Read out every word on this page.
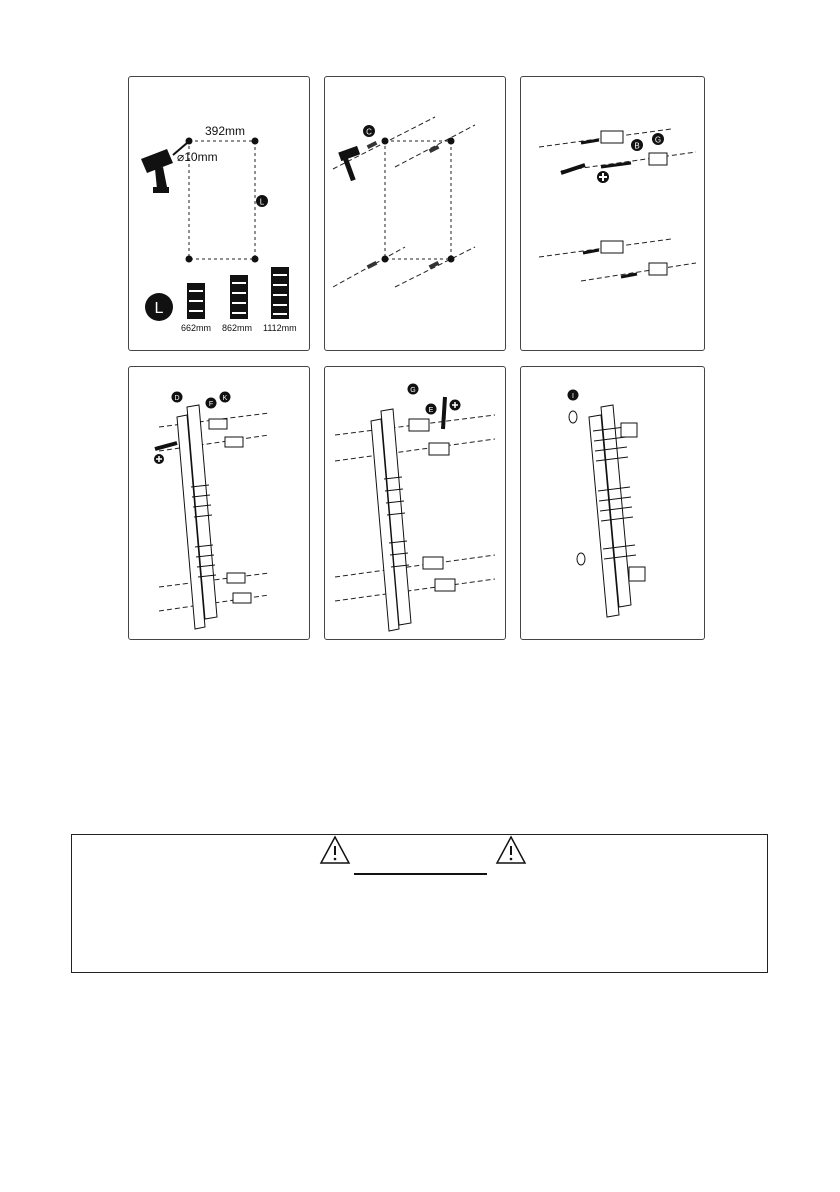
392mm
⌀10mm
L
L
662mm 862mm 1112mm
C
B
G
D
F
K
G
E
I
